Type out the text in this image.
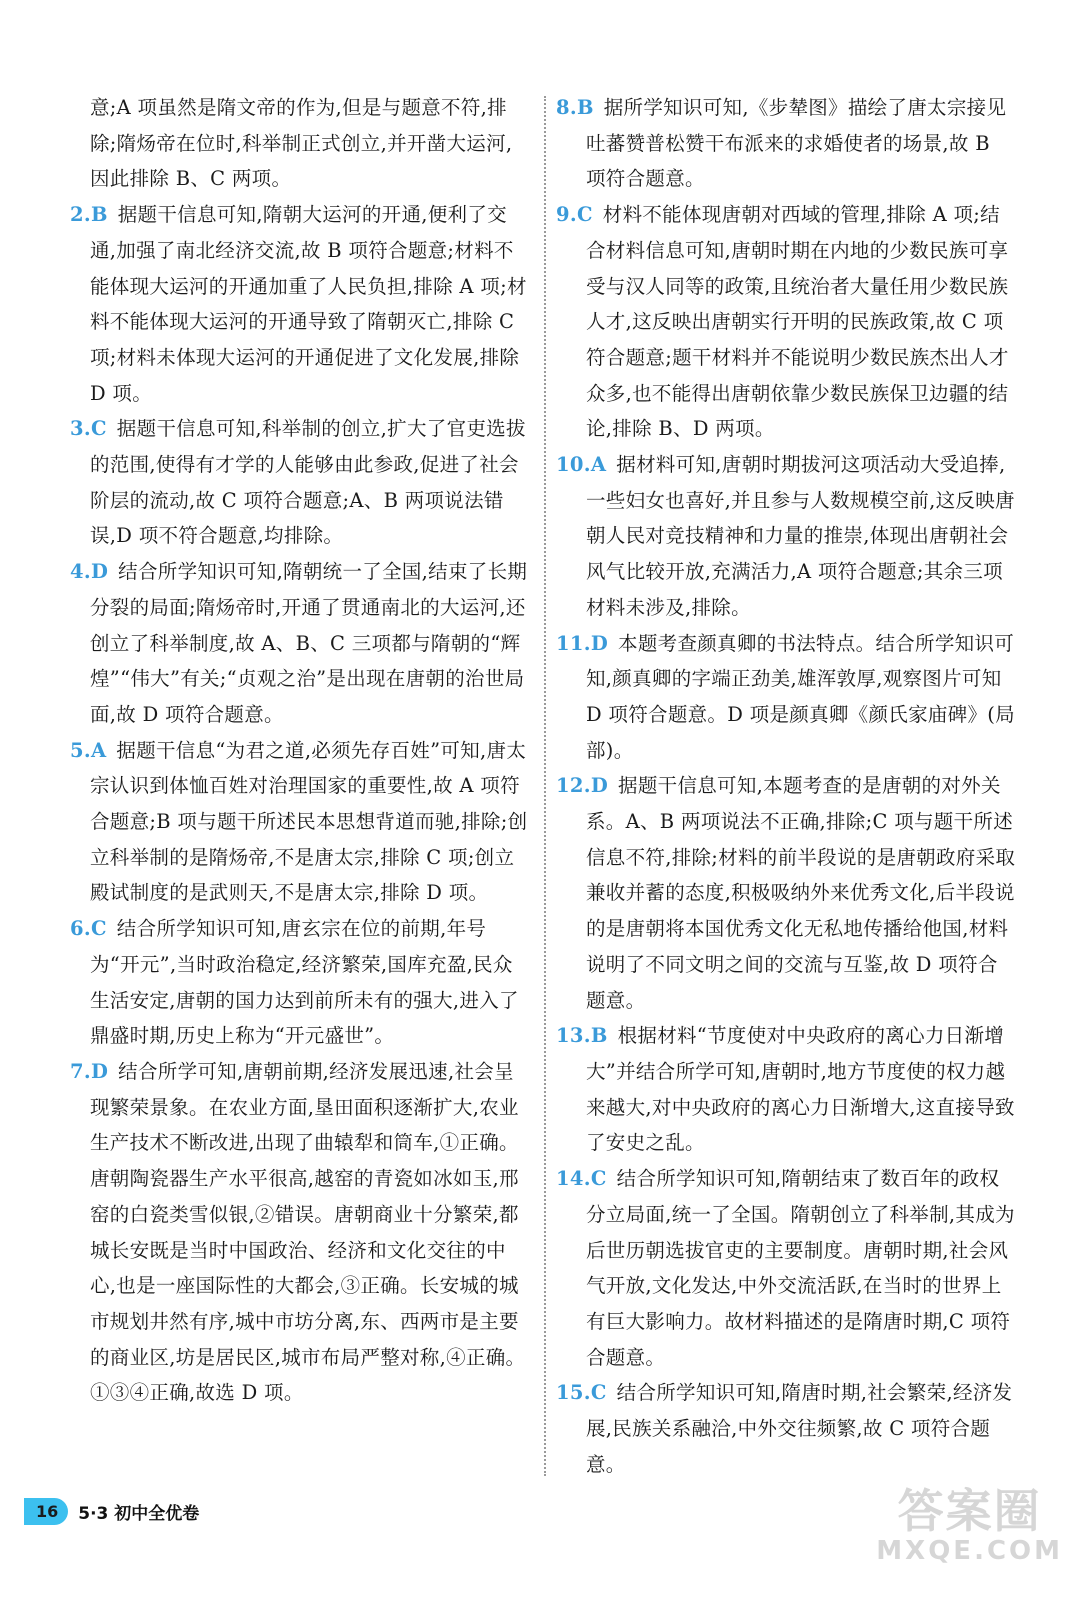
意;A 项虽然是隋文帝的作为,但是与题意不符,排除;隋炀帝在位时,科举制正式创立,并开凿大运河,因此排除 B、C 两项。

2.B 据题干信息可知,隋朝大运河的开通,便利了交通,加强了南北经济交流,故 B 项符合题意;材料不能体现大运河的开通加重了人民负担,排除 A 项;材料不能体现大运河的开通导致了隋朝灭亡,排除 C 项;材料未体现大运河的开通促进了文化发展,排除 D 项。

3.C 据题干信息可知,科举制的创立,扩大了官吏选拔的范围,使得有才学的人能够由此参政,促进了社会阶层的流动,故 C 项符合题意;A、B 两项说法错误,D 项不符合题意,均排除。

4.D 结合所学知识可知,隋朝统一了全国,结束了长期分裂的局面;隋炀帝时,开通了贯通南北的大运河,还创立了科举制度,故 A、B、C 三项都与隋朝的“辉煌”“伟大”有关;“贞观之治”是出现在唐朝的治世局面,故 D 项符合题意。

5.A 据题干信息“为君之道,必须先存百姓”可知,唐太宗认识到体恤百姓对治理国家的重要性,故 A 项符合题意;B 项与题干所述民本思想背道而驰,排除;创立科举制的是隋炀帝,不是唐太宗,排除 C 项;创立殿试制度的是武则天,不是唐太宗,排除 D 项。

6.C 结合所学知识可知,唐玄宗在位的前期,年号为“开元”,当时政治稳定,经济繁荣,国库充盈,民众生活安定,唐朝的国力达到前所未有的强大,进入了鼎盛时期,历史上称为“开元盛世”。

7.D 结合所学可知,唐朝前期,经济发展迅速,社会呈现繁荣景象。在农业方面,垦田面积逐渐扩大,农业生产技术不断改进,出现了曲辕犁和筒车,①正确。唐朝陶瓷器生产水平很高,越窑的青瓷如冰如玉,邢窑的白瓷类雪似银,②错误。唐朝商业十分繁荣,都城长安既是当时中国政治、经济和文化交往的中心,也是一座国际性的大都会,③正确。长安城的城市规划井然有序,城中市坊分离,东、西两市是主要的商业区,坊是居民区,城市布局严整对称,④正确。①③④正确,故选 D 项。

8.B 据所学知识可知,《步辇图》描绘了唐太宗接见吐蕃赞普松赞干布派来的求婚使者的场景,故 B 项符合题意。

9.C 材料不能体现唐朝对西域的管理,排除 A 项;结合材料信息可知,唐朝时期在内地的少数民族可享受与汉人同等的政策,且统治者大量任用少数民族人才,这反映出唐朝实行开明的民族政策,故 C 项符合题意;题干材料并不能说明少数民族杰出人才众多,也不能得出唐朝依靠少数民族保卫边疆的结论,排除 B、D 两项。

10.A 据材料可知,唐朝时期拔河这项活动大受追捧,一些妇女也喜好,并且参与人数规模空前,这反映唐朝人民对竞技精神和力量的推崇,体现出唐朝社会风气比较开放,充满活力,A 项符合题意;其余三项材料未涉及,排除。

11.D 本题考查颜真卿的书法特点。结合所学知识可知,颜真卿的字端正劲美,雄浑敦厚,观察图片可知 D 项符合题意。D 项是颜真卿《颜氏家庙碑》(局部)。

12.D 据题干信息可知,本题考查的是唐朝的对外关系。A、B 两项说法不正确,排除;C 项与题干所述信息不符,排除;材料的前半段说的是唐朝政府采取兼收并蓄的态度,积极吸纳外来优秀文化,后半段说的是唐朝将本国优秀文化无私地传播给他国,材料说明了不同文明之间的交流与互鉴,故 D 项符合题意。

13.B 根据材料“节度使对中央政府的离心力日渐增大”并结合所学可知,唐朝时,地方节度使的权力越来越大,对中央政府的离心力日渐增大,这直接导致了安史之乱。

14.C 结合所学知识可知,隋朝结束了数百年的政权分立局面,统一了全国。隋朝创立了科举制,其成为后世历朝选拔官吏的主要制度。唐朝时期,社会风气开放,文化发达,中外交流活跃,在当时的世界上有巨大影响力。故材料描述的是隋唐时期,C 项符合题意。

15.C 结合所学知识可知,隋唐时期,社会繁荣,经济发展,民族关系融洽,中外交往频繁,故 C 项符合题意。

16	5·3 初中全优卷	答案圈
MXQE.COM
